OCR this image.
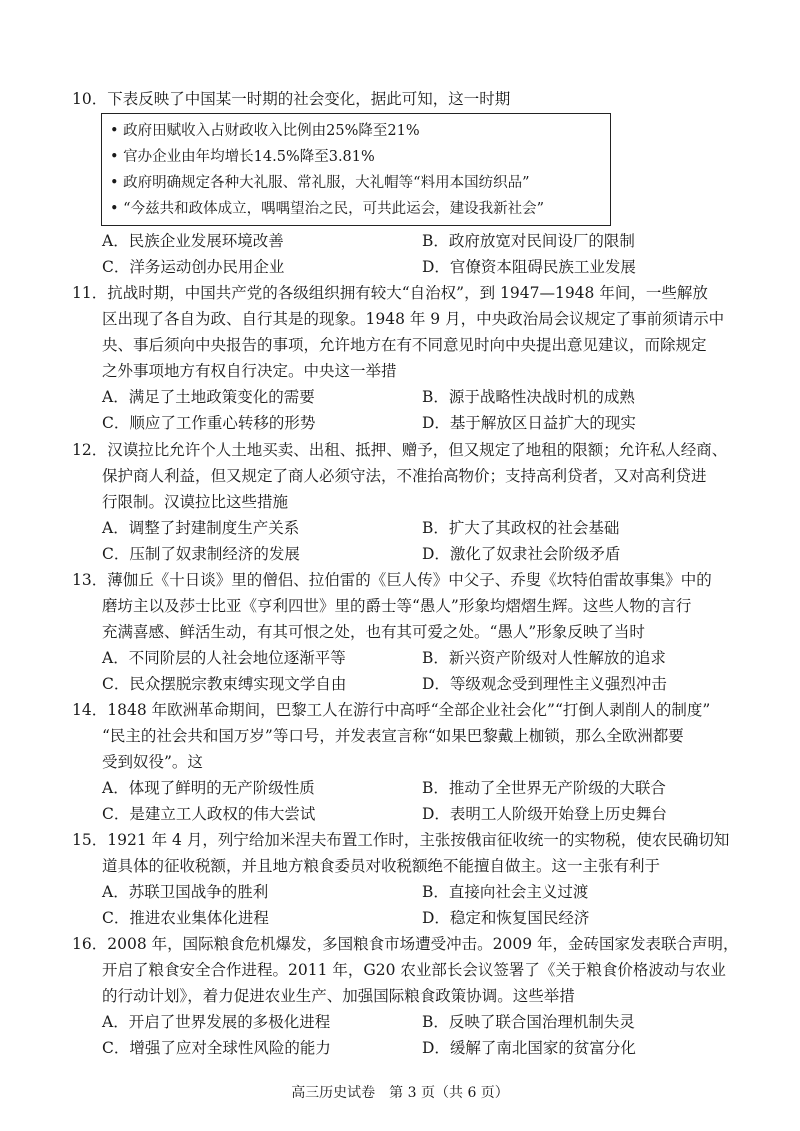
10． 下表反映了中国某一时期的社会变化，据此可知，这一时期
• 政府田赋收入占财政收入比例由25%降至21%
• 官办企业由年均增长14.5%降至3.81%
• 政府明确规定各种大礼服、常礼服，大礼帽等“料用本国纺织品”
• “今兹共和政体成立，喁喁望治之民，可共此运会，建设我新社会”
A．民族企业发展环境改善	B．政府放宽对民间设厂的限制
C．洋务运动创办民用企业	D．官僚资本阻碍民族工业发展
11． 抗战时期，中国共产党的各级组织拥有较大“自治权”，到 1947—1948 年间，一些解放
区出现了各自为政、自行其是的现象。1948 年 9 月，中央政治局会议规定了事前须请示中
央、事后须向中央报告的事项，允许地方在有不同意见时向中央提出意见建议，而除规定
之外事项地方有权自行决定。中央这一举措
A．满足了土地政策变化的需要	B．源于战略性决战时机的成熟
C．顺应了工作重心转移的形势	D．基于解放区日益扩大的现实
12． 汉谟拉比允许个人土地买卖、出租、抵押、赠予，但又规定了地租的限额；允许私人经商、
保护商人利益，但又规定了商人必须守法，不准抬高物价；支持高利贷者，又对高利贷进
行限制。汉谟拉比这些措施
A．调整了封建制度生产关系	B．扩大了其政权的社会基础
C．压制了奴隶制经济的发展	D．激化了奴隶社会阶级矛盾
13． 薄伽丘《十日谈》里的僧侣、拉伯雷的《巨人传》中父子、乔叟《坎特伯雷故事集》中的
磨坊主以及莎士比亚《亨利四世》里的爵士等“愚人”形象均熠熠生辉。这些人物的言行
充满喜感、鲜活生动，有其可恨之处，也有其可爱之处。“愚人”形象反映了当时
A．不同阶层的人社会地位逐渐平等	B．新兴资产阶级对人性解放的追求
C．民众摆脱宗教束缚实现文学自由	D．等级观念受到理性主义强烈冲击
14． 1848 年欧洲革命期间，巴黎工人在游行中高呼“全部企业社会化”“打倒人剥削人的制度”
“民主的社会共和国万岁”等口号，并发表宣言称“如果巴黎戴上枷锁，那么全欧洲都要
受到奴役”。这
A．体现了鲜明的无产阶级性质	B．推动了全世界无产阶级的大联合
C．是建立工人政权的伟大尝试	D．表明工人阶级开始登上历史舞台
15． 1921 年 4 月，列宁给加米涅夫布置工作时，主张按俄亩征收统一的实物税，使农民确切知
道具体的征收税额，并且地方粮食委员对收税额绝不能擅自做主。这一主张有利于
A．苏联卫国战争的胜利	B．直接向社会主义过渡
C．推进农业集体化进程	D．稳定和恢复国民经济
16． 2008 年，国际粮食危机爆发，多国粮食市场遭受冲击。2009 年，金砖国家发表联合声明，
开启了粮食安全合作进程。2011 年，G20 农业部长会议签署了《关于粮食价格波动与农业
的行动计划》，着力促进农业生产、加强国际粮食政策协调。这些举措
A．开启了世界发展的多极化进程	B．反映了联合国治理机制失灵
C．增强了应对全球性风险的能力	D．缓解了南北国家的贫富分化
高三历史试卷　第 3 页（共 6 页）
